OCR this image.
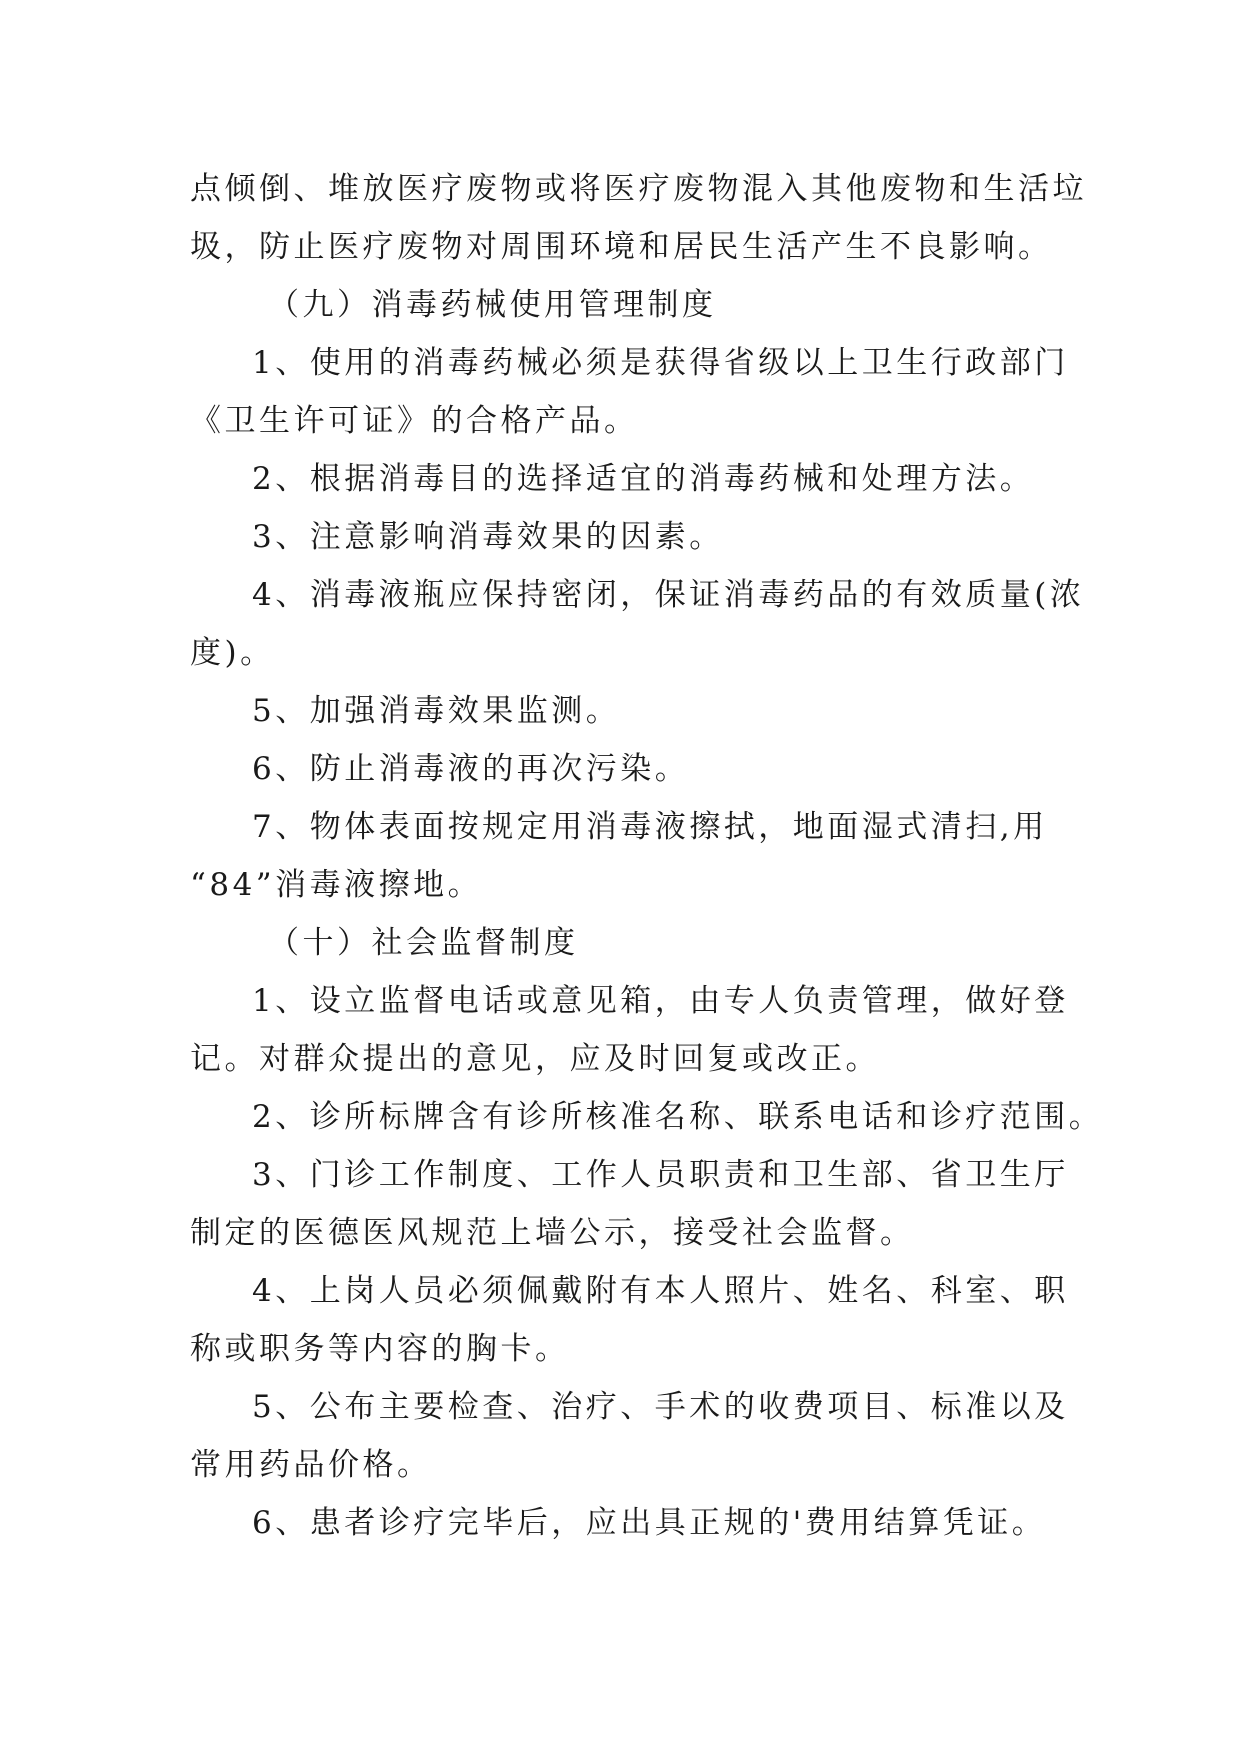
点倾倒、堆放医疗废物或将医疗废物混入其他废物和生活垃
圾，防止医疗废物对周围环境和居民生活产生不良影响。
（九）消毒药械使用管理制度
1、使用的消毒药械必须是获得省级以上卫生行政部门
《卫生许可证》的合格产品。
2、根据消毒目的选择适宜的消毒药械和处理方法。
3、注意影响消毒效果的因素。
4、消毒液瓶应保持密闭，保证消毒药品的有效质量(浓
度)。
5、加强消毒效果监测。
6、防止消毒液的再次污染。
7、物体表面按规定用消毒液擦拭，地面湿式清扫,用
“84”消毒液擦地。
（十）社会监督制度
1、设立监督电话或意见箱，由专人负责管理，做好登
记。对群众提出的意见，应及时回复或改正。
2、诊所标牌含有诊所核准名称、联系电话和诊疗范围。
3、门诊工作制度、工作人员职责和卫生部、省卫生厅
制定的医德医风规范上墙公示，接受社会监督。
4、上岗人员必须佩戴附有本人照片、姓名、科室、职
称或职务等内容的胸卡。
5、公布主要检查、治疗、手术的收费项目、标准以及
常用药品价格。
6、患者诊疗完毕后，应出具正规的'费用结算凭证。
